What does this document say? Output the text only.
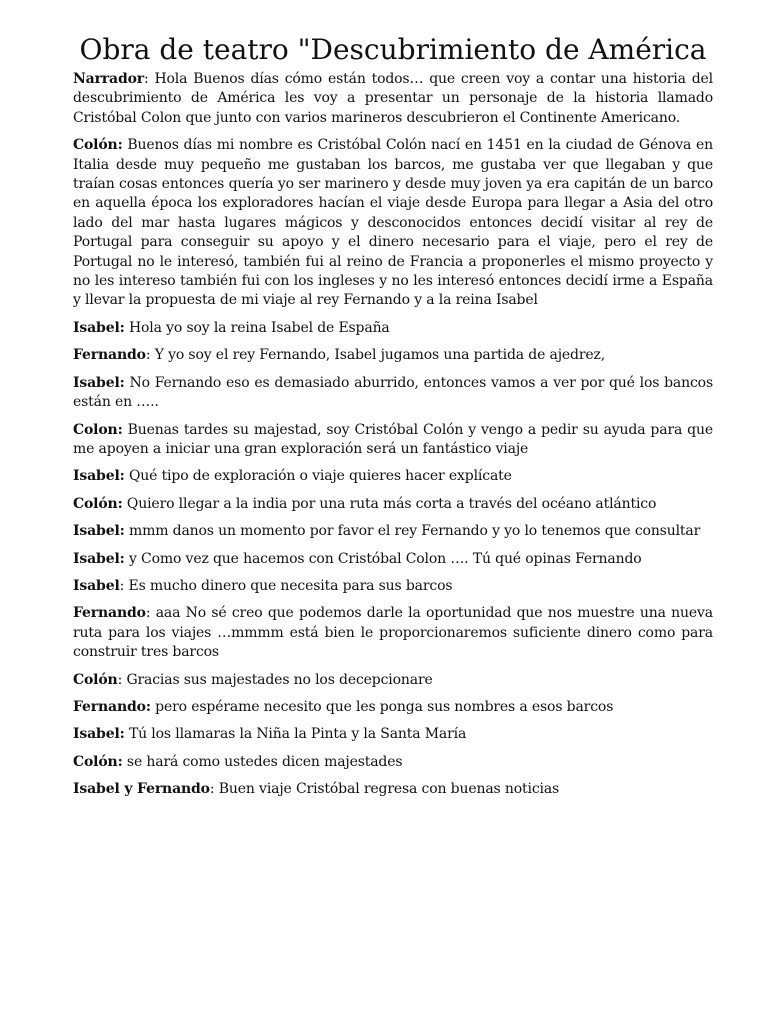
Obra de teatro "Descubrimiento de América

Narrador: Hola Buenos días cómo están todos… que creen voy a contar una historia del descubrimiento de América les voy a presentar un personaje de la historia llamado Cristóbal Colon que junto con varios marineros descubrieron el Continente Americano.

Colón: Buenos días mi nombre es Cristóbal Colón nací en 1451 en la ciudad de Génova en Italia desde muy pequeño me gustaban los barcos, me gustaba ver que llegaban y que traían cosas entonces quería yo ser marinero y desde muy joven ya era capitán de un barco en aquella época los exploradores hacían el viaje desde Europa para llegar a Asia del otro lado del mar hasta lugares mágicos y desconocidos entonces decidí visitar al rey de Portugal para conseguir su apoyo y el dinero necesario para el viaje, pero el rey de Portugal no le interesó, también fui al reino de Francia a proponerles el mismo proyecto y no les intereso también fui con los ingleses y no les interesó entonces decidí irme a España y llevar la propuesta de mi viaje al rey Fernando y a la reina Isabel

Isabel: Hola yo soy la reina Isabel de España

Fernando: Y yo soy el rey Fernando, Isabel jugamos una partida de ajedrez,

Isabel: No Fernando eso es demasiado aburrido, entonces vamos a ver por qué los bancos están en …..

Colon: Buenas tardes su majestad, soy Cristóbal Colón y vengo a pedir su ayuda para que me apoyen a iniciar una gran exploración será un fantástico viaje

Isabel: Qué tipo de exploración o viaje quieres hacer explícate

Colón: Quiero llegar a la india por una ruta más corta a través del océano atlántico

Isabel: mmm danos un momento por favor el rey Fernando y yo lo tenemos que consultar

Isabel: y Como vez que hacemos con Cristóbal Colon …. Tú qué opinas Fernando

Isabel: Es mucho dinero que necesita para sus barcos

Fernando: aaa No sé creo que podemos darle la oportunidad que nos muestre una nueva ruta para los viajes …mmmm está bien le proporcionaremos suficiente dinero como para construir tres barcos

Colón: Gracias sus majestades no los decepcionare

Fernando: pero espérame necesito que les ponga sus nombres a esos barcos

Isabel: Tú los llamaras la Niña la Pinta y la Santa María

Colón: se hará como ustedes dicen majestades

Isabel y Fernando: Buen viaje Cristóbal regresa con buenas noticias
